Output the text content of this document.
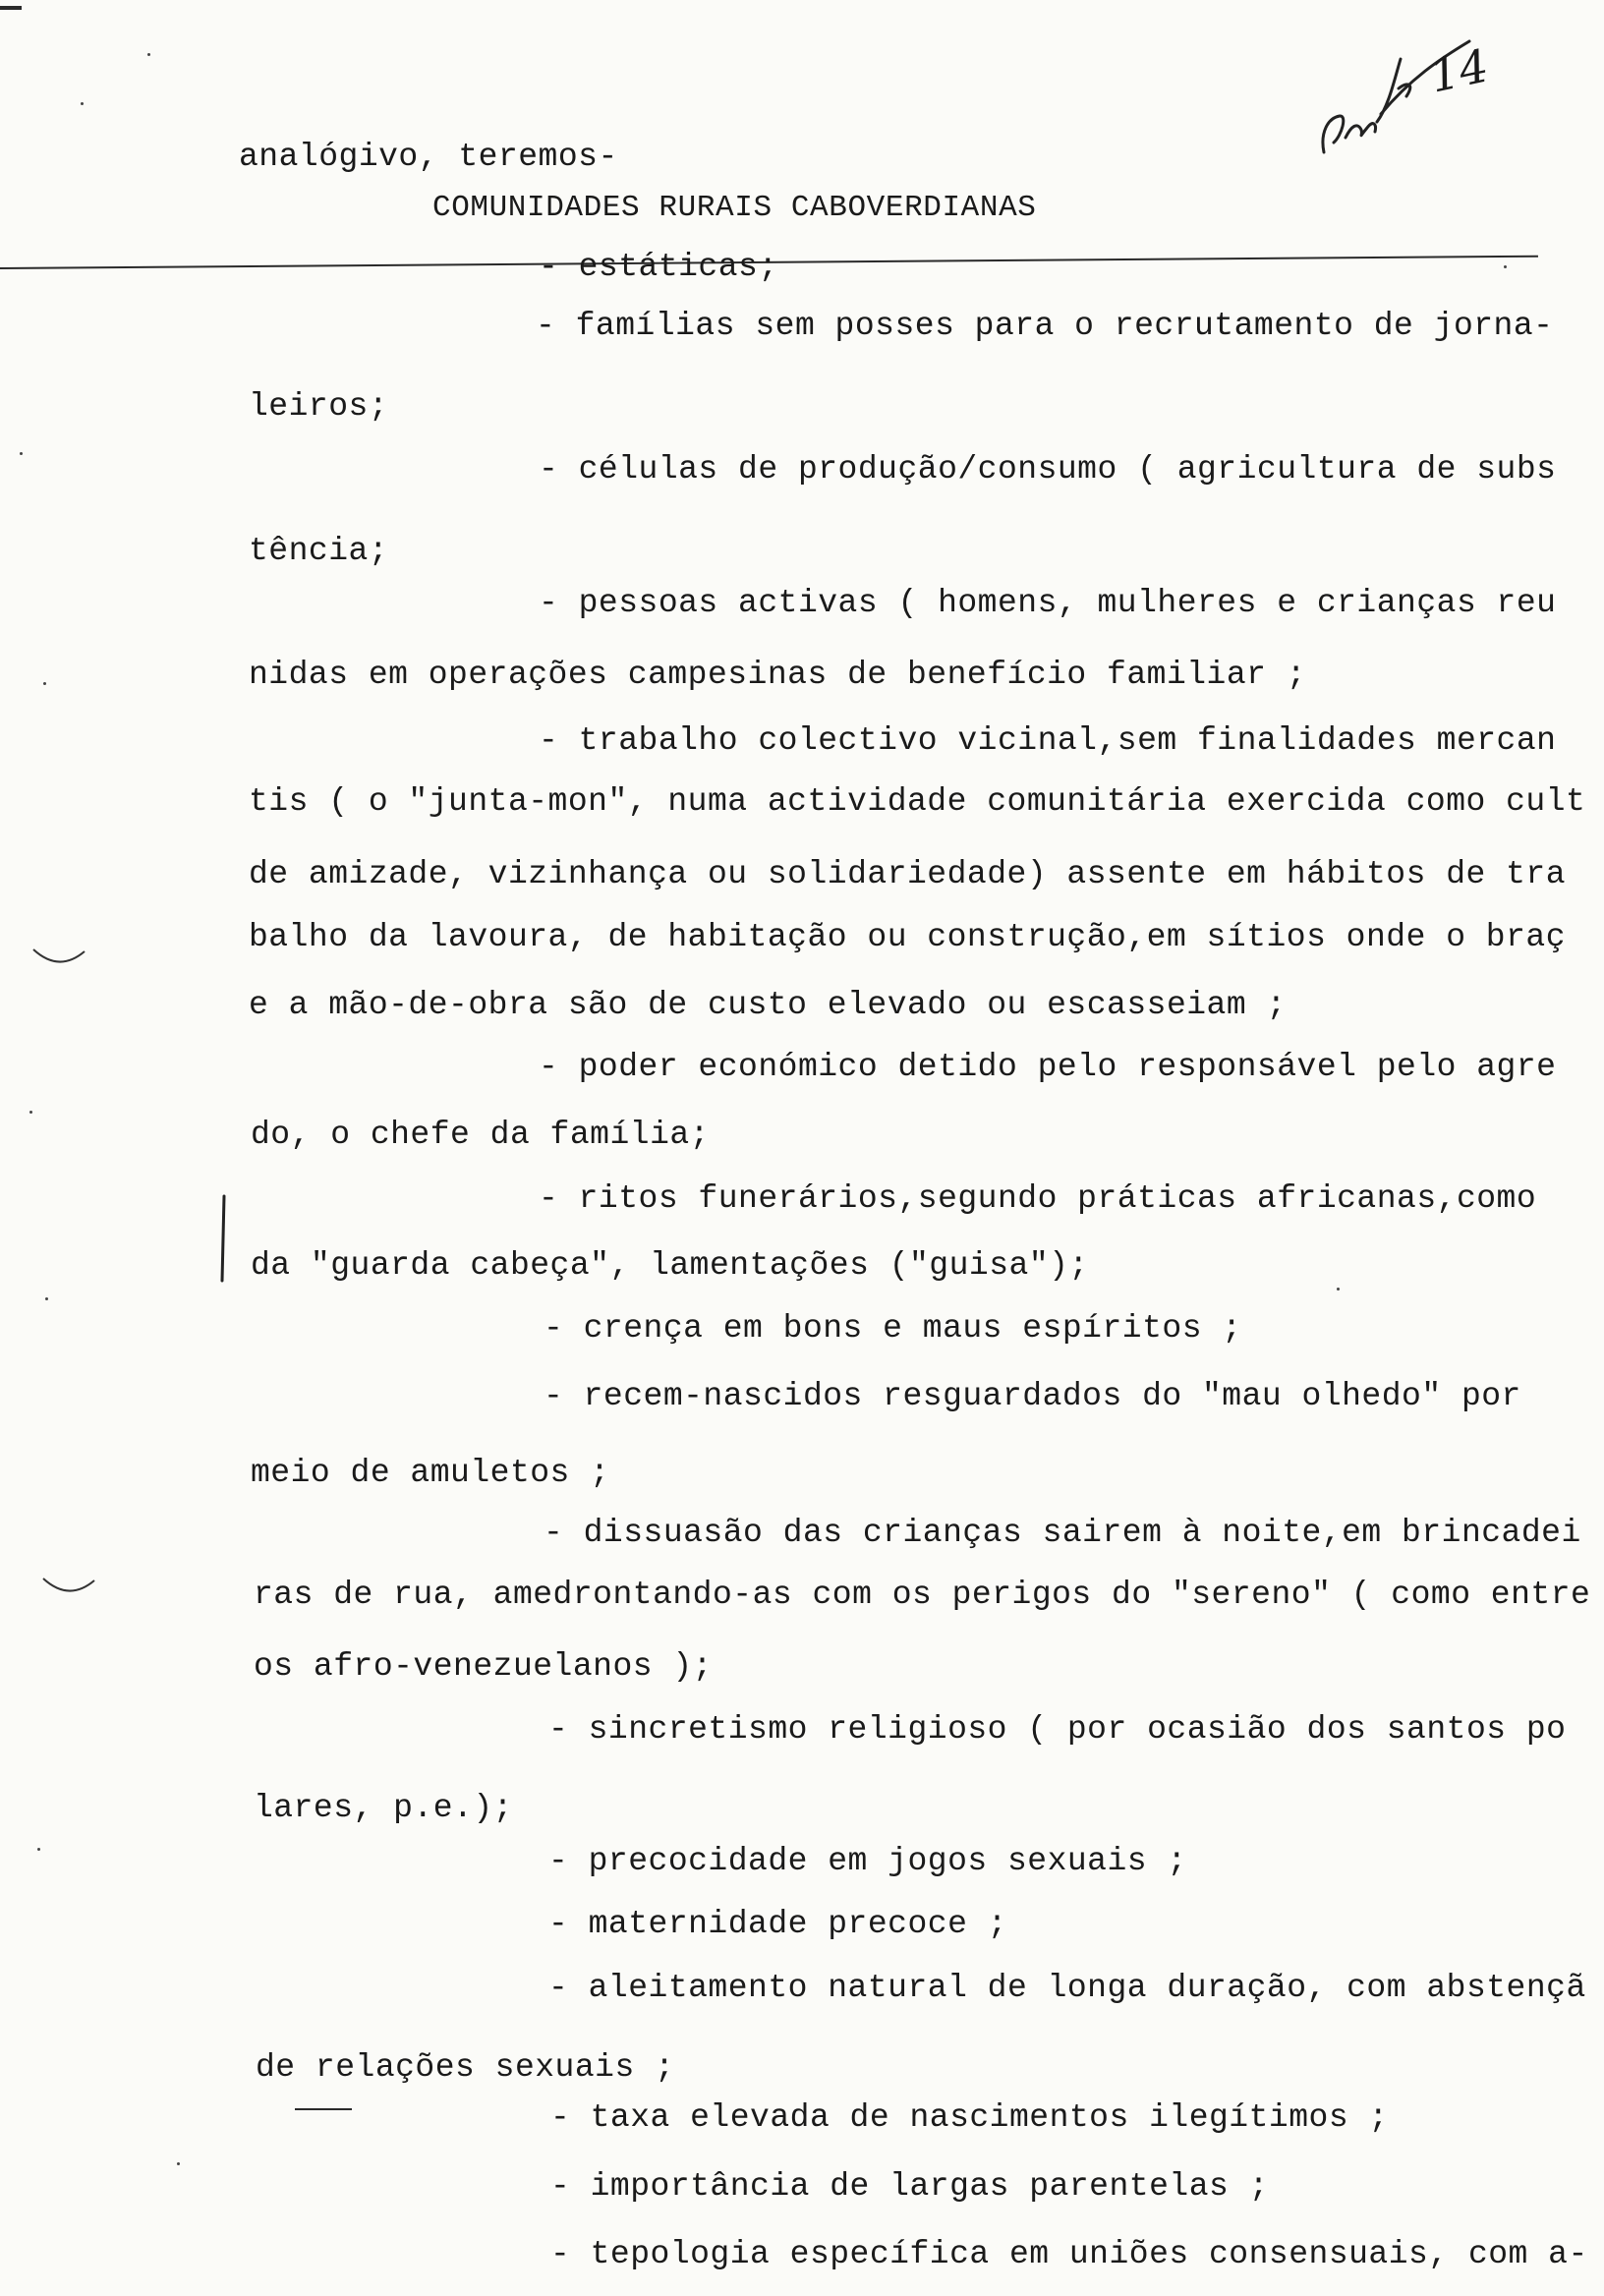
analógivo, teremos-
COMUNIDADES RURAIS CABOVERDIANAS
14
- estáticas;
- famílias sem posses para o recrutamento de jorna-
leiros;
- células de produção/consumo ( agricultura de subs
tência;
- pessoas activas ( homens, mulheres e crianças reu
nidas em operações campesinas de benefício familiar ;
- trabalho colectivo vicinal,sem finalidades mercan
tis ( o "junta-mon", numa actividade comunitária exercida como cult
de amizade, vizinhança ou solidariedade) assente em hábitos de tra
balho da lavoura, de habitação ou construção,em sítios onde o braç
e a mão-de-obra são de custo elevado ou escasseiam ;
- poder económico detido pelo responsável pelo agre
do, o chefe da família;
- ritos funerários,segundo práticas africanas,como
da "guarda cabeça", lamentações ("guisa");
- crença em bons e maus espíritos ;
- recem-nascidos resguardados do "mau olhedo" por
meio de amuletos ;
- dissuasão das crianças sairem à noite,em brincadei
ras de rua, amedrontando-as com os perigos do "sereno" ( como entre
os afro-venezuelanos );
- sincretismo religioso ( por ocasião dos santos po
lares, p.e.);
- precocidade em jogos sexuais ;
- maternidade precoce ;
- aleitamento natural de longa duração, com abstençã
de relações sexuais ;
- taxa elevada de nascimentos ilegítimos ;
- importância de largas parentelas ;
- tepologia específica em uniões consensuais, com a-
